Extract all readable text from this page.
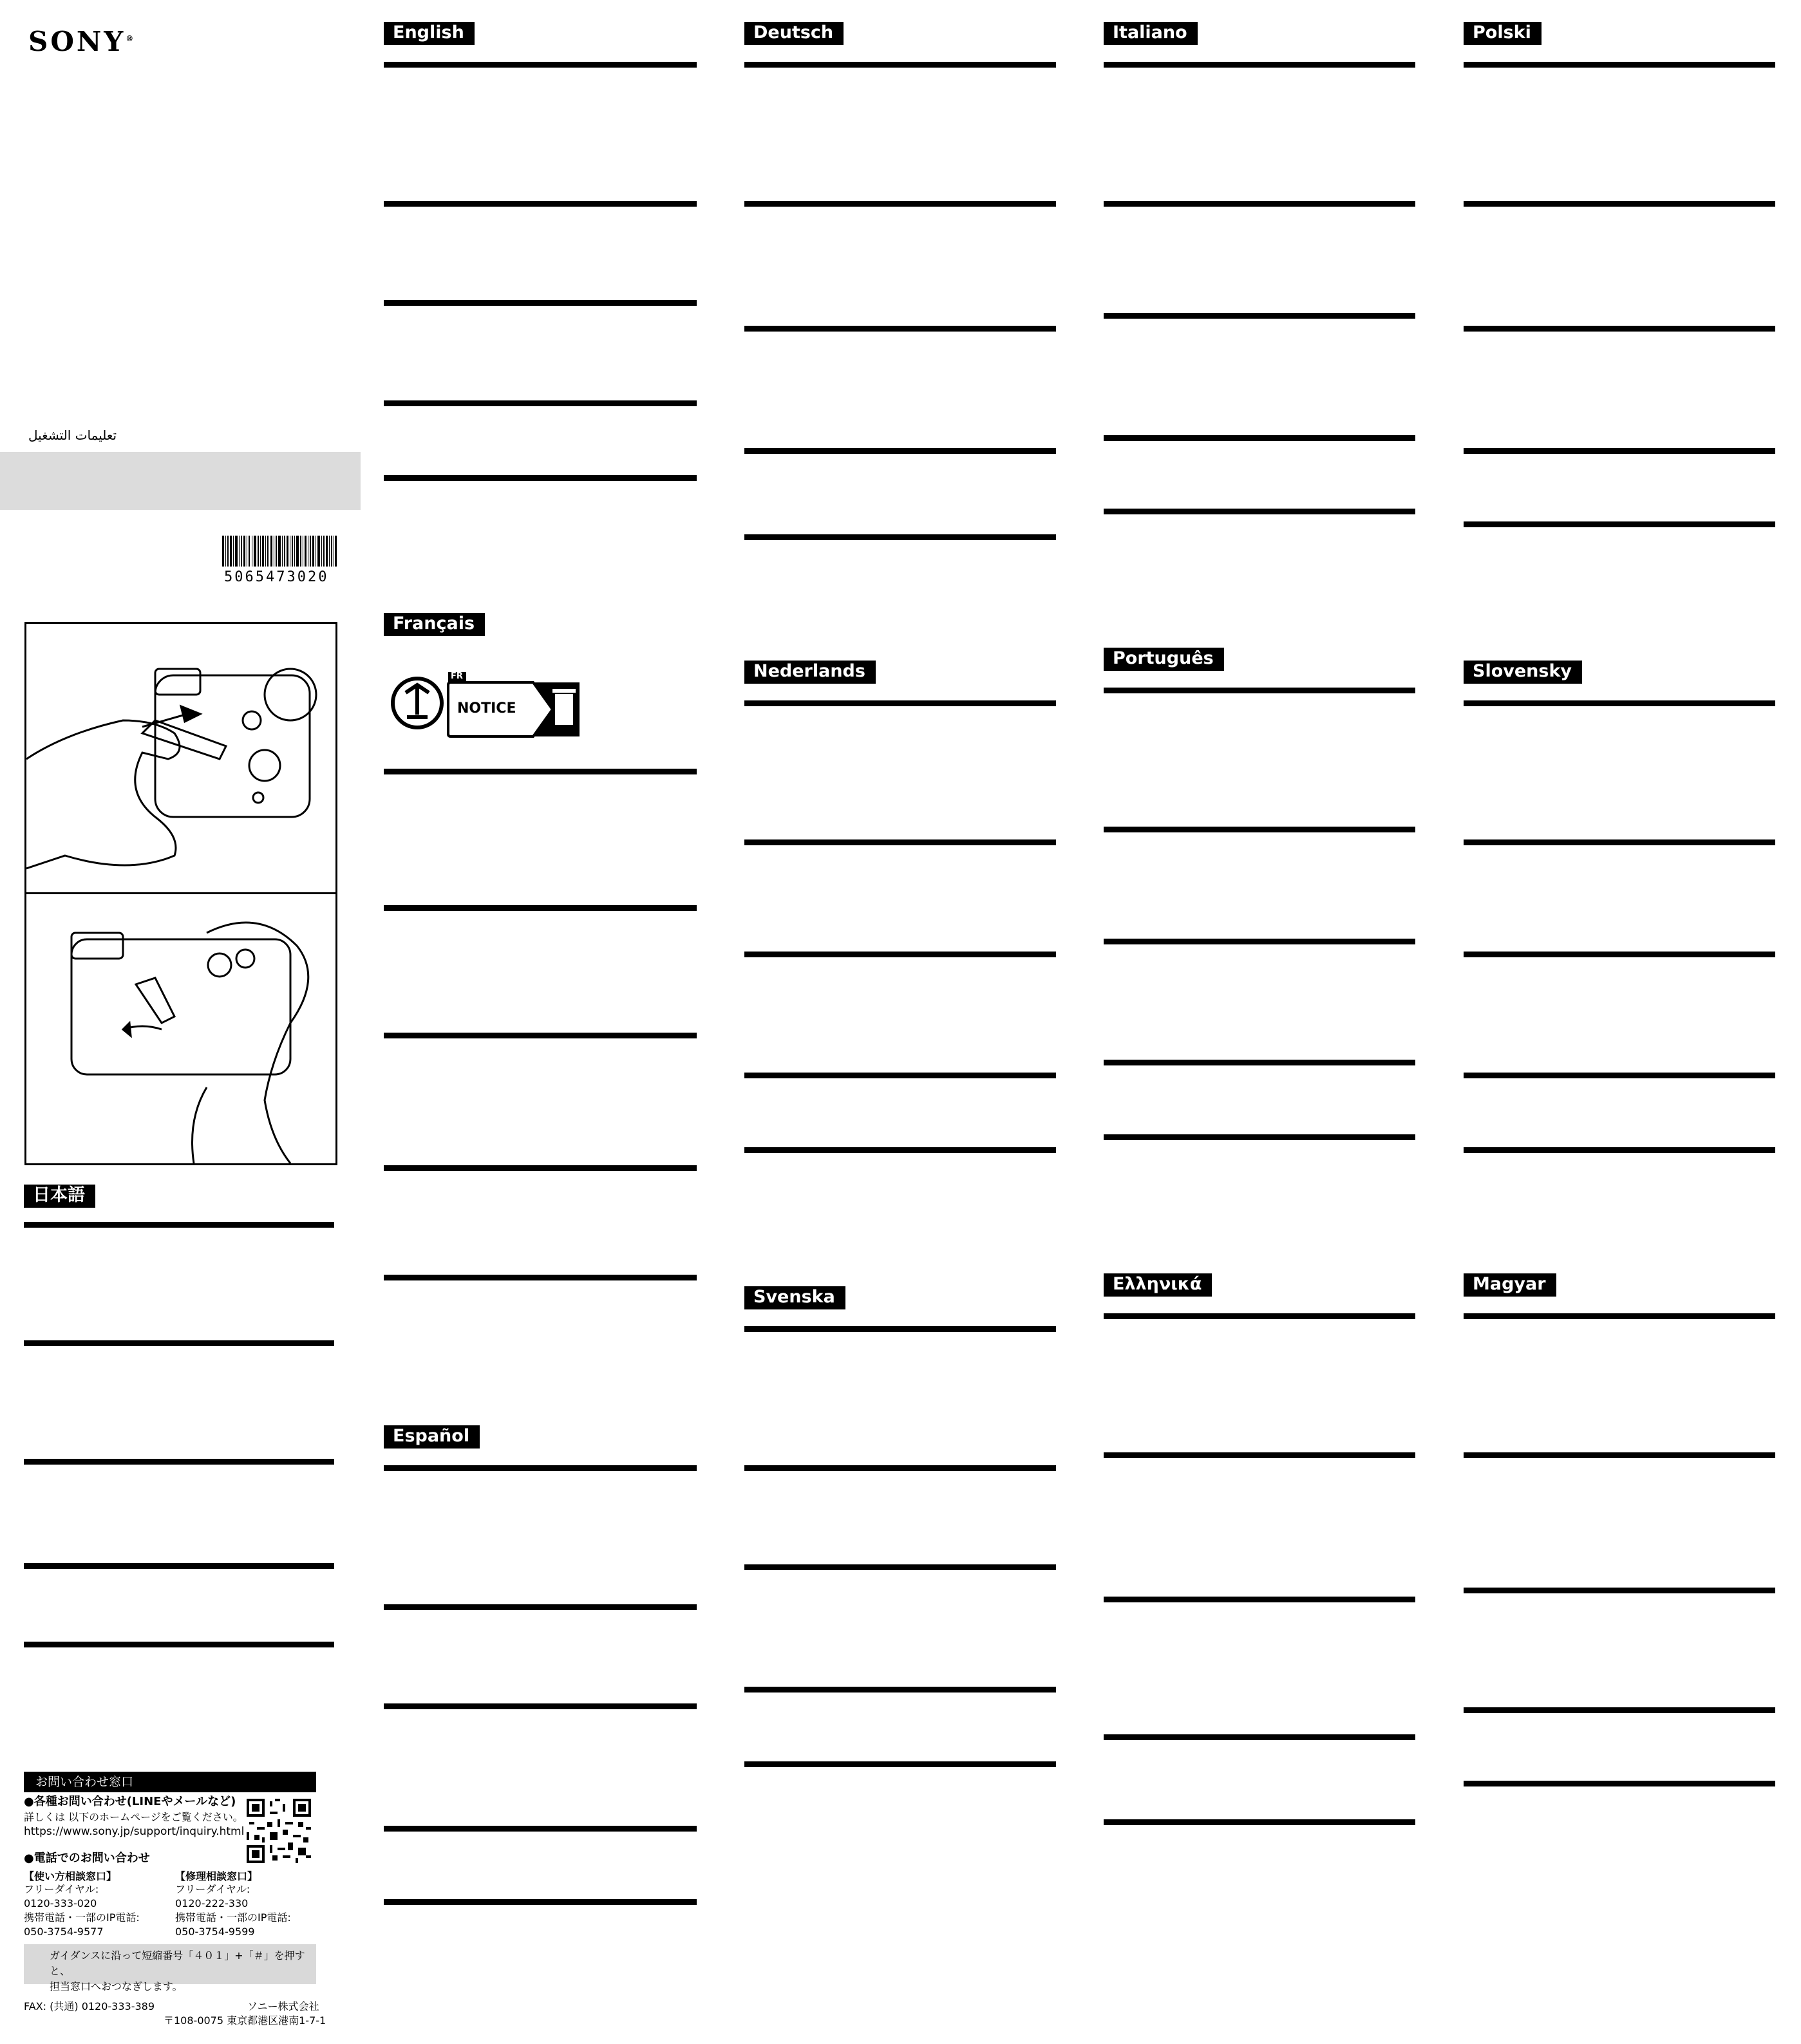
SONY®
تعليمات التشغيل
5065473020
日本語
お問い合わせ窓口
●各種お問い合わせ(LINEやメールなど)
詳しくは 以下のホームページをご覧ください。
https://www.sony.jp/support/inquiry.html
●電話でのお問い合わせ
【使い方相談窓口】
フリーダイヤル:
0120-333-020
携帯電話・一部のIP電話:
050-3754-9577
【修理相談窓口】
フリーダイヤル:
0120-222-330
携帯電話・一部のIP電話:
050-3754-9599
ガイダンスに沿って短縮番号「４０１」+「＃」を押すと、
担当窓口へおつなぎします。
FAX: (共通) 0120-333-389	ソニー株式会社
〒108-0075 東京都港区港南1-7-1
English
Français
FR
NOTICE
Español
Deutsch
Nederlands
Svenska
Italiano
Português
Ελληνικά
Polski
Slovensky
Magyar
